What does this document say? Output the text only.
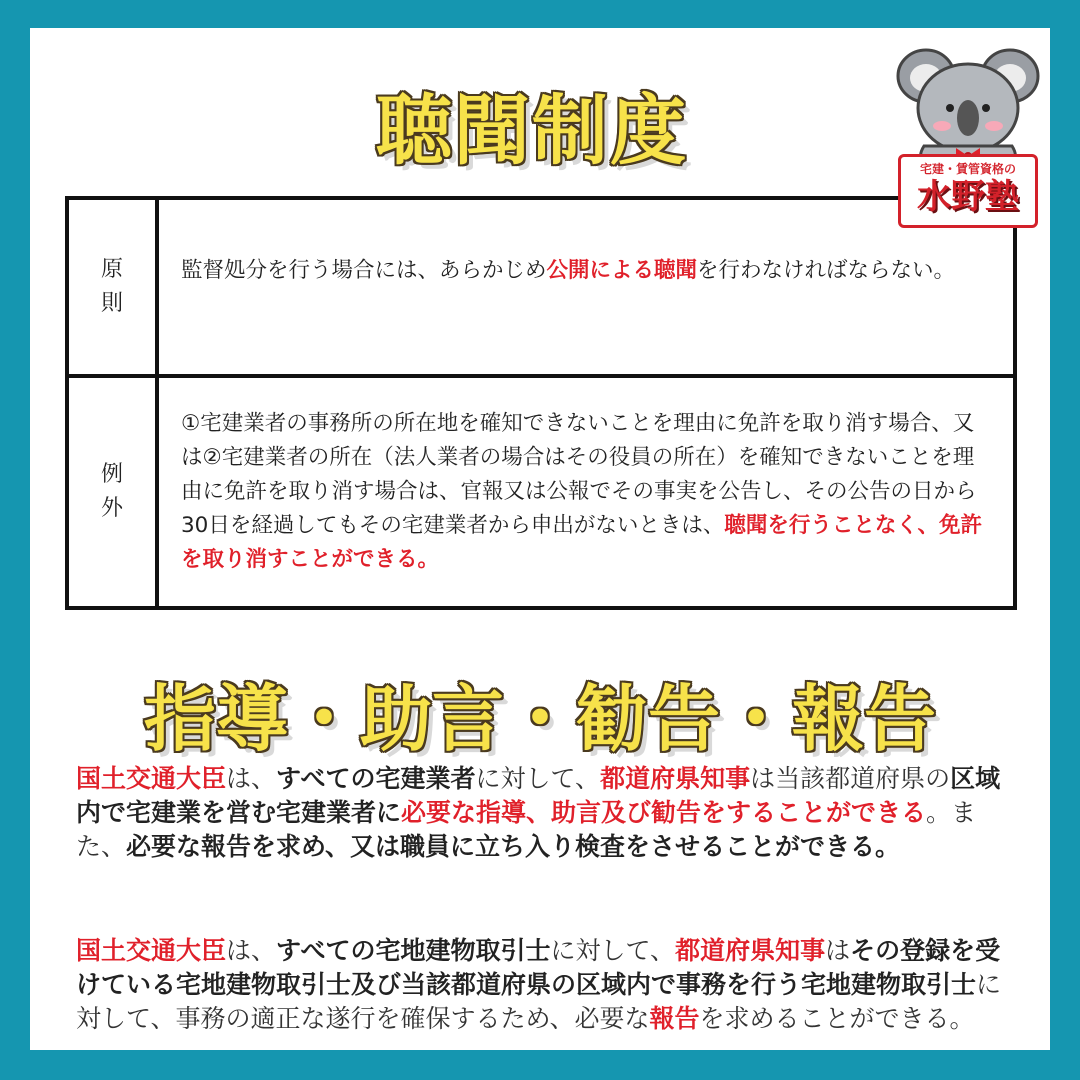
聴聞制度
原
則	監督処分を行う場合には、あらかじめ公開による聴聞を行わなければならない。

例
外	①宅建業者の事務所の所在地を確知できないことを理由に免許を取り消す場合、又は②宅建業者の所在（法人業者の場合はその役員の所在）を確知できないことを理由に免許を取り消す場合は、官報又は公報でその事実を公告し、その公告の日から30日を経過してもその宅建業者から申出がないときは、聴聞を行うことなく、免許を取り消すことができる。
指導・助言・勧告・報告
国土交通大臣は、すべての宅建業者に対して、都道府県知事は当該都道府県の区域内で宅建業を営む宅建業者に必要な指導、助言及び勧告をすることができる。また、必要な報告を求め、又は職員に立ち入り検査をさせることができる。
国土交通大臣は、すべての宅地建物取引士に対して、都道府県知事はその登録を受けている宅地建物取引士及び当該都道府県の区域内で事務を行う宅地建物取引士に対して、事務の適正な遂行を確保するため、必要な報告を求めることができる。
宅建・賃管資格の
水野塾
